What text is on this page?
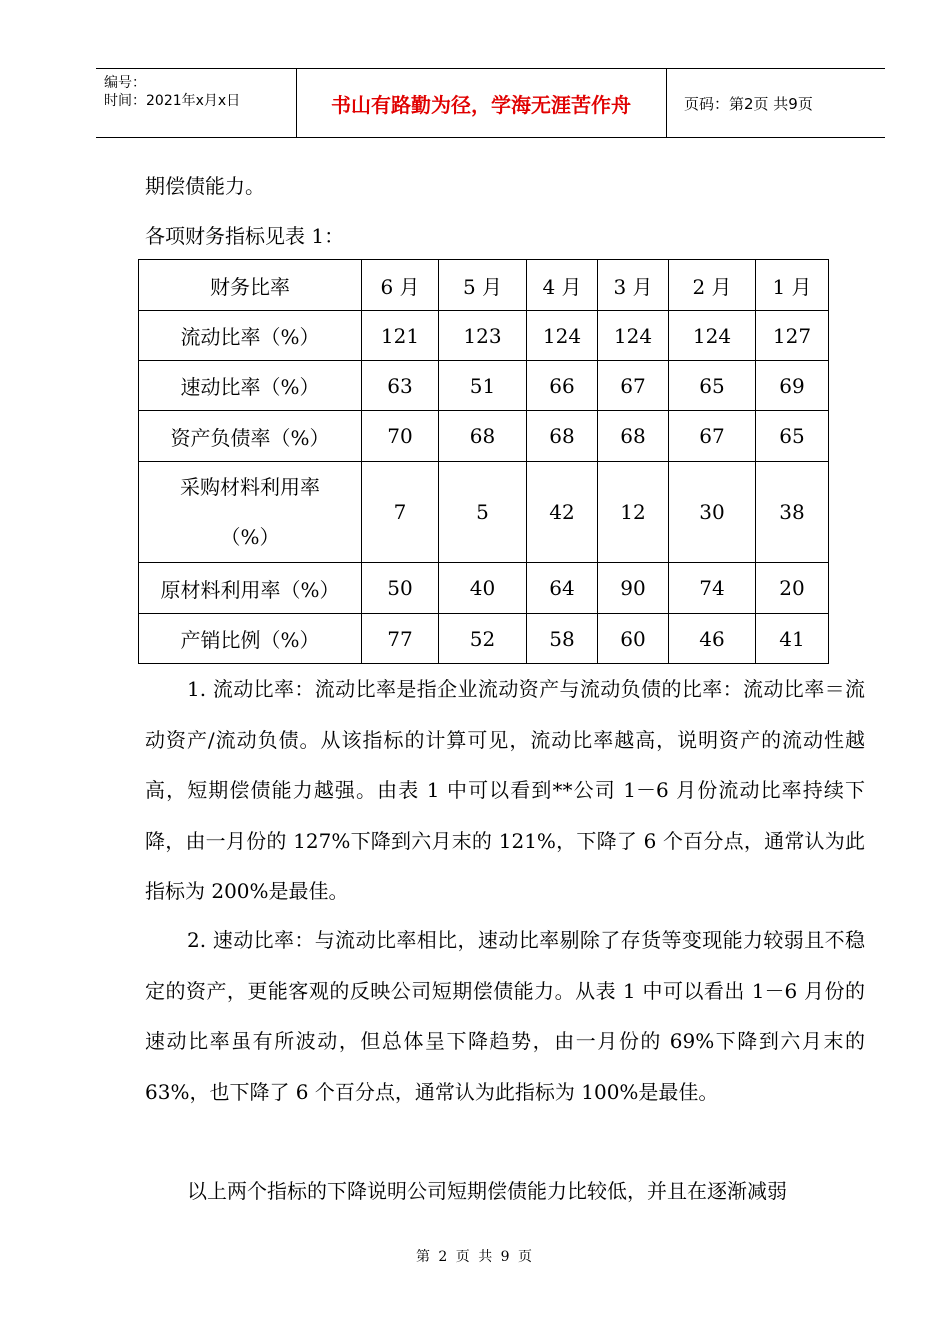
编号：
时间：2021年x月x日	书山有路勤为径，学海无涯苦作舟	页码：第2页 共9页

期偿债能力。

各项财务指标见表 1：

财务比率	6 月	5 月	4 月	3 月	2 月	1 月
流动比率（%）	121	123	124	124	124	127
速动比率（%）	63	51	66	67	65	69
资产负债率（%）	70	68	68	68	67	65

采购材料利用率
（%）	7	5	42	12	30	38
原材料利用率（%）	50	40	64	90	74	20
产销比例（%）	77	52	58	60	46	41

1. 流动比率：流动比率是指企业流动资产与流动负债的比率：流动比率＝流动资产/流动负债。从该指标的计算可见，流动比率越高，说明资产的流动性越高，短期偿债能力越强。由表 1 中可以看到**公司 1－6 月份流动比率持续下降，由一月份的 127%下降到六月末的 121%，下降了 6 个百分点，通常认为此指标为 200%是最佳。

2. 速动比率：与流动比率相比，速动比率剔除了存货等变现能力较弱且不稳定的资产，更能客观的反映公司短期偿债能力。从表 1 中可以看出 1－6 月份的速动比率虽有所波动，但总体呈下降趋势，由一月份的 69%下降到六月末的 63%，也下降了 6 个百分点，通常认为此指标为 100%是最佳。

以上两个指标的下降说明公司短期偿债能力比较低，并且在逐渐减弱

第 2 页 共 9 页
